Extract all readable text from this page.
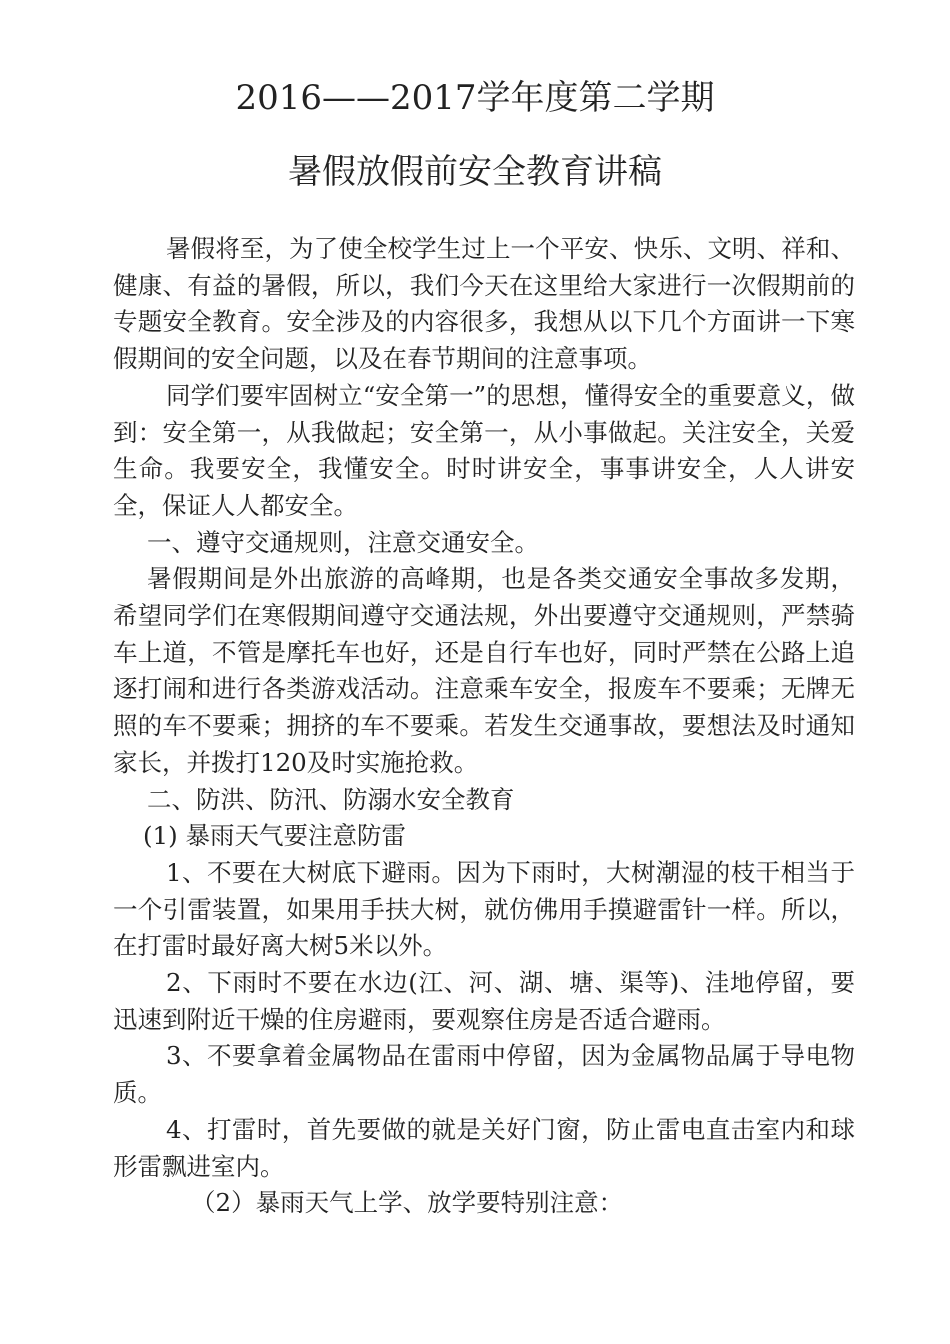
2016——2017学年度第二学期
暑假放假前安全教育讲稿

暑假将至，为了使全校学生过上一个平安、快乐、文明、祥和、健康、有益的暑假，所以，我们今天在这里给大家进行一次假期前的专题安全教育。安全涉及的内容很多，我想从以下几个方面讲一下寒假期间的安全问题，以及在春节期间的注意事项。

同学们要牢固树立“安全第一”的思想，懂得安全的重要意义，做到：安全第一，从我做起；安全第一，从小事做起。关注安全，关爱生命。我要安全，我懂安全。时时讲安全，事事讲安全，人人讲安全，保证人人都安全。

一、遵守交通规则，注意交通安全。

暑假期间是外出旅游的高峰期，也是各类交通安全事故多发期，希望同学们在寒假期间遵守交通法规，外出要遵守交通规则，严禁骑车上道，不管是摩托车也好，还是自行车也好，同时严禁在公路上追逐打闹和进行各类游戏活动。注意乘车安全，报废车不要乘；无牌无照的车不要乘；拥挤的车不要乘。若发生交通事故，要想法及时通知家长，并拨打120及时实施抢救。

二、防洪、防汛、防溺水安全教育

(1) 暴雨天气要注意防雷

1、不要在大树底下避雨。因为下雨时，大树潮湿的枝干相当于一个引雷装置，如果用手扶大树，就仿佛用手摸避雷针一样。所以，在打雷时最好离大树5米以外。

2、下雨时不要在水边(江、河、湖、塘、渠等)、洼地停留，要迅速到附近干燥的住房避雨，要观察住房是否适合避雨。

3、不要拿着金属物品在雷雨中停留，因为金属物品属于导电物质。

4、打雷时，首先要做的就是关好门窗，防止雷电直击室内和球形雷飘进室内。

（2）暴雨天气上学、放学要特别注意：
